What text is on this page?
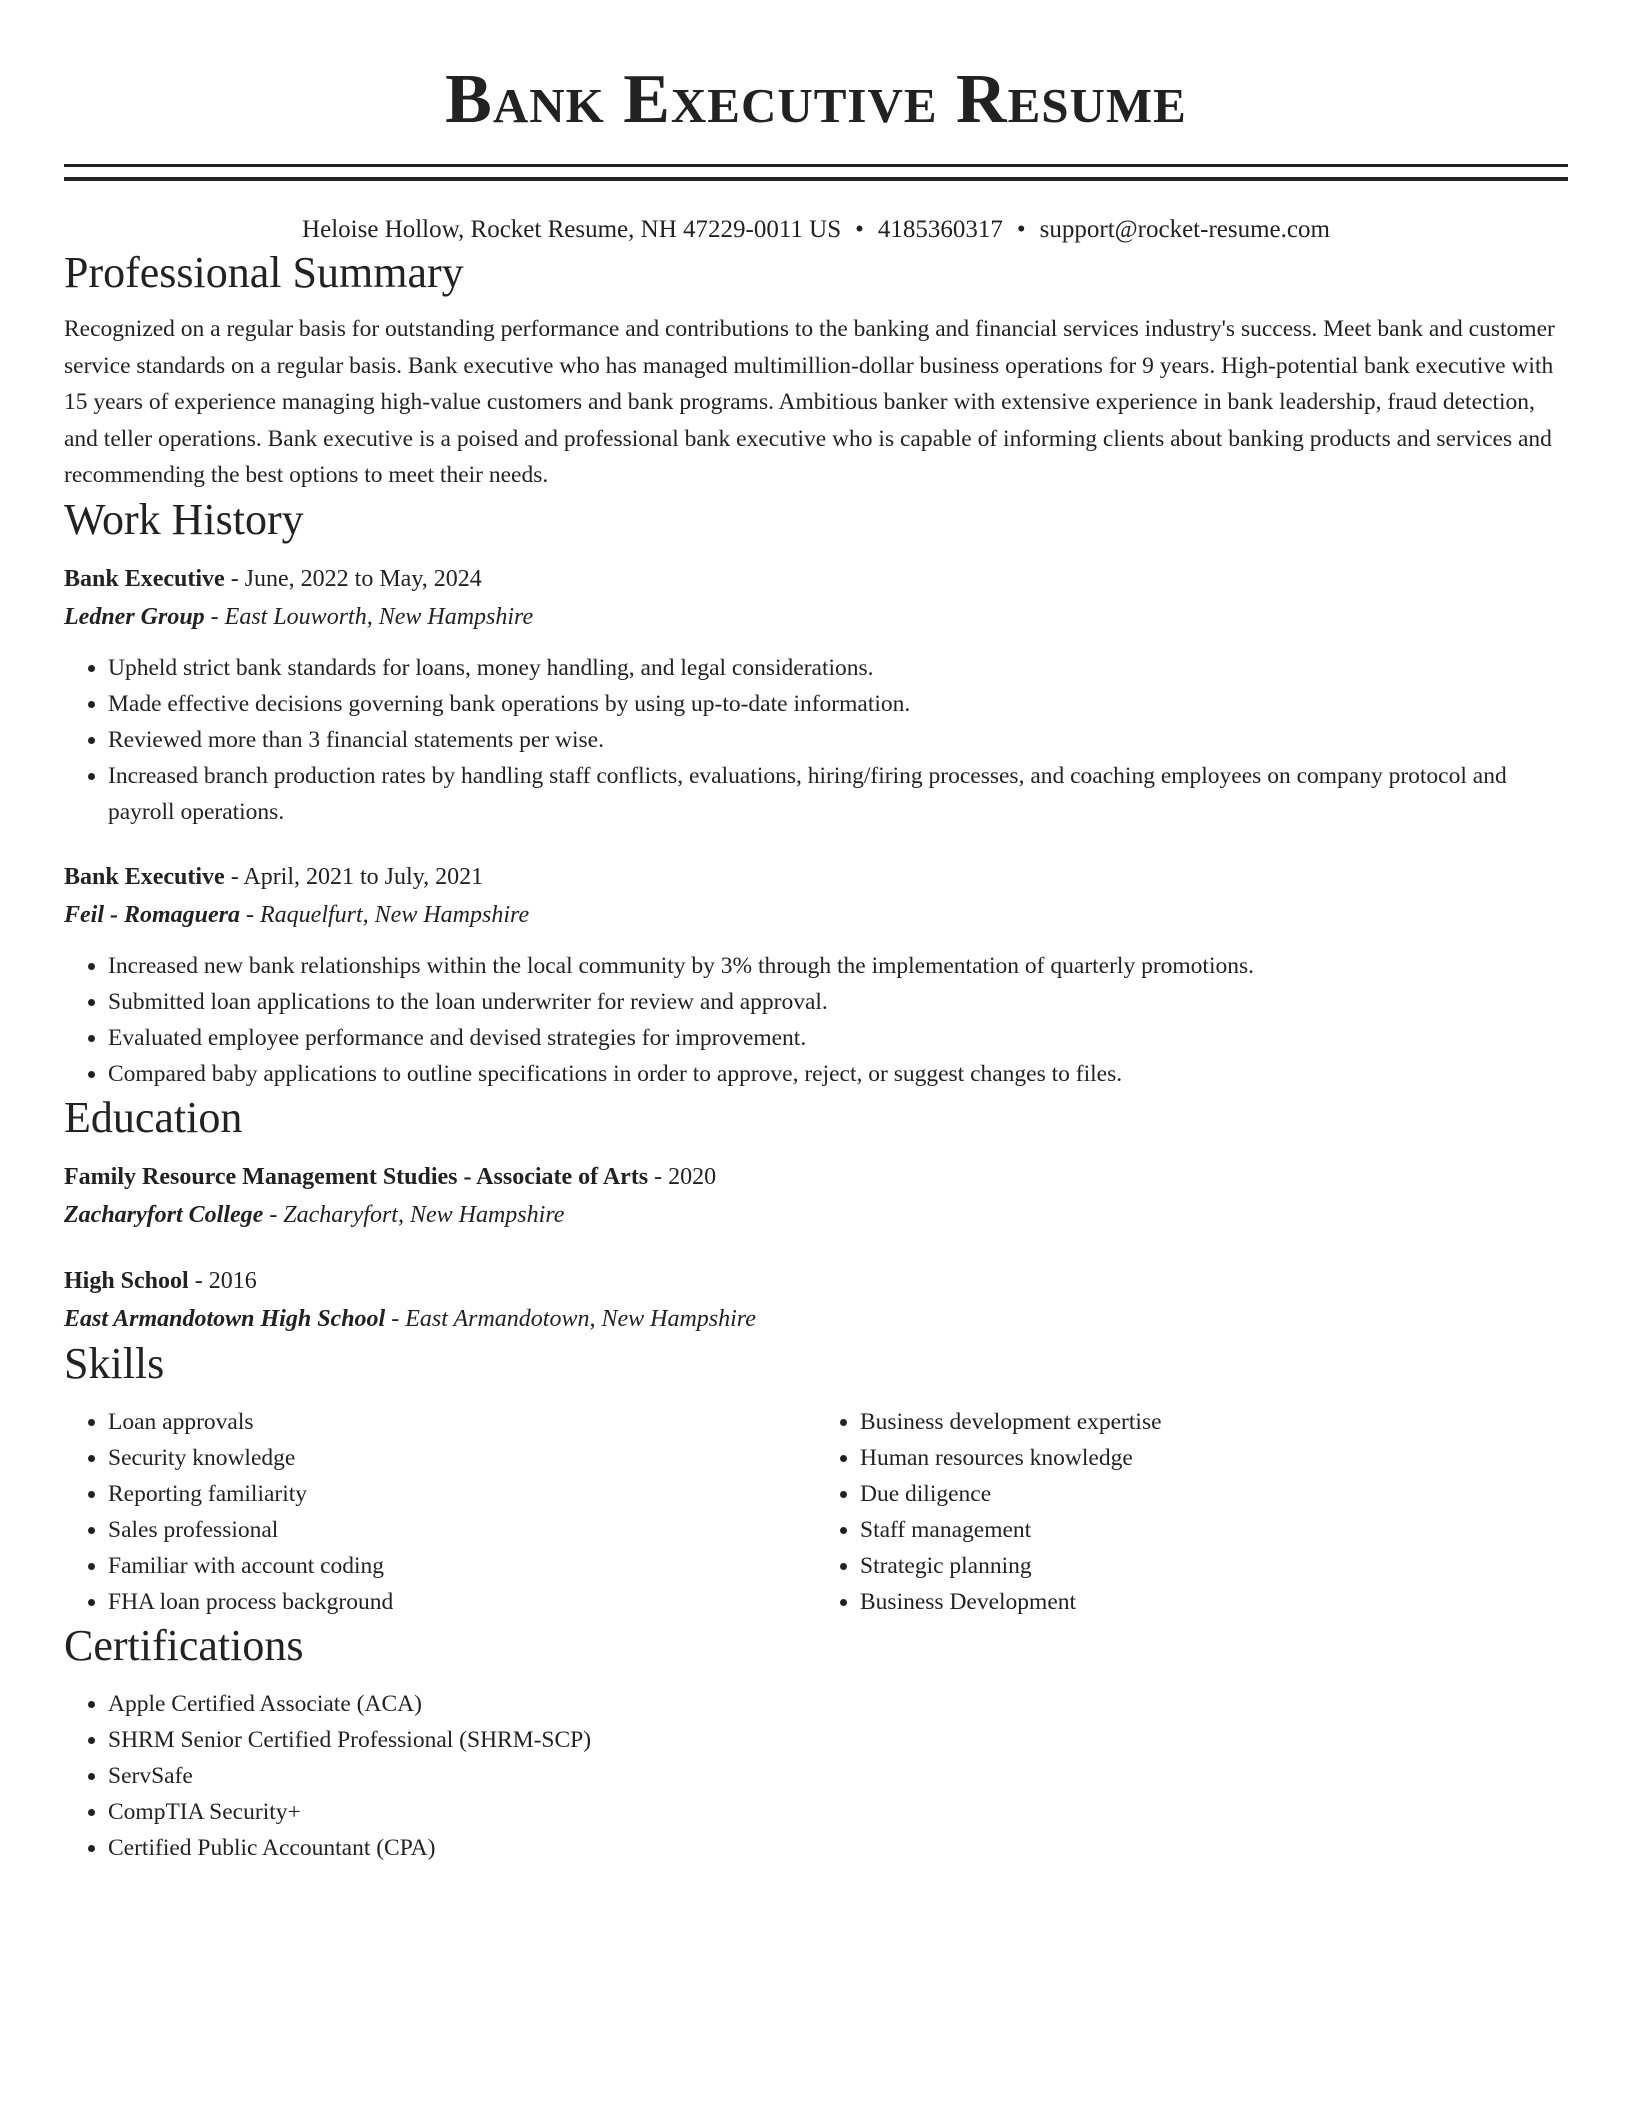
Bank Executive Resume
Heloise Hollow, Rocket Resume, NH 47229-0011 US • 4185360317 • support@rocket-resume.com
Professional Summary

Recognized on a regular basis for outstanding performance and contributions to the banking and financial services industry's success. Meet bank and customer service standards on a regular basis. Bank executive who has managed multimillion-dollar business operations for 9 years. High-potential bank executive with 15 years of experience managing high-value customers and bank programs. Ambitious banker with extensive experience in bank leadership, fraud detection, and teller operations. Bank executive is a poised and professional bank executive who is capable of informing clients about banking products and services and recommending the best options to meet their needs.

Work History

Bank Executive - June, 2022 to May, 2024

Ledner Group - East Louworth, New Hampshire

• Upheld strict bank standards for loans, money handling, and legal considerations.
• Made effective decisions governing bank operations by using up-to-date information.
• Reviewed more than 3 financial statements per wise.
• Increased branch production rates by handling staff conflicts, evaluations, hiring/firing processes, and coaching employees on company protocol and payroll operations.

Bank Executive - April, 2021 to July, 2021

Feil - Romaguera - Raquelfurt, New Hampshire

• Increased new bank relationships within the local community by 3% through the implementation of quarterly promotions.
• Submitted loan applications to the loan underwriter for review and approval.
• Evaluated employee performance and devised strategies for improvement.
• Compared baby applications to outline specifications in order to approve, reject, or suggest changes to files.
Education

Family Resource Management Studies - Associate of Arts - 2020

Zacharyfort College - Zacharyfort, New Hampshire

High School - 2016

East Armandotown High School - East Armandotown, New Hampshire

Skills
• Loan approvals
• Security knowledge
• Reporting familiarity
• Sales professional
• Familiar with account coding
• FHA loan process background
• Business development expertise
• Human resources knowledge
• Due diligence
• Staff management
• Strategic planning
• Business Development
Certifications
• Apple Certified Associate (ACA)
• SHRM Senior Certified Professional (SHRM-SCP)
• ServSafe
• CompTIA Security+
• Certified Public Accountant (CPA)
